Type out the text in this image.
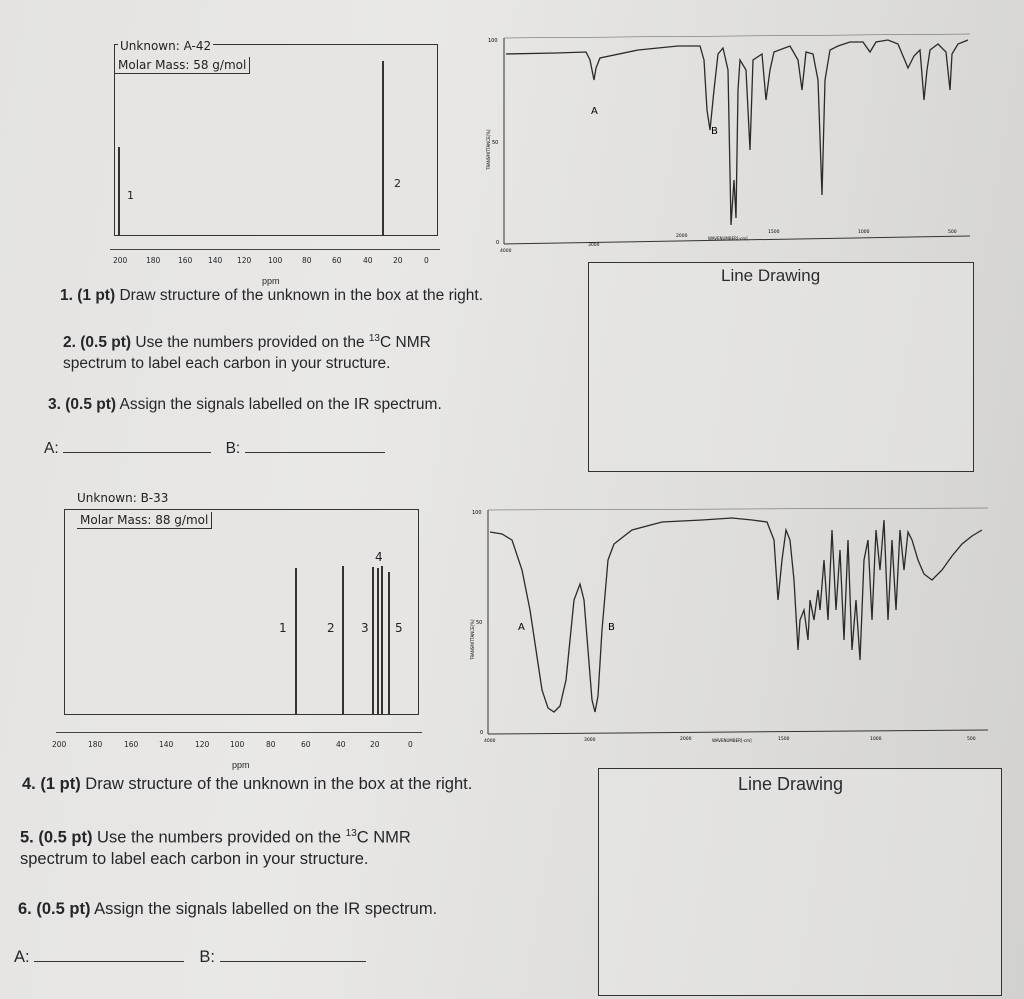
Unknown: A-42
Molar Mass: 58 g/mol
1
2
200 180 160 140 120 100	80	60	40	20	0
ppm
A
B
100
50
0
TRANSMITTANCE[%]
4000
3000
2000	WAVENUMBER[-cm]
1500	1000	500
1. (1 pt) Draw structure of the unknown in the box at the right.
2. (0.5 pt) Use the numbers provided on the $^{13}$C NMR
spectrum to label each carbon in your structure.
3. (0.5 pt) Assign the signals labelled on the IR spectrum.
A:	B:
Line Drawing
Unknown: B-33
Molar Mass: 88 g/mol
1	2 3
4
5
200	180	160	140	120	100	80	60	40	20	0
ppm
A	B
100
50
0
TRANSMITTANCE[%]
4000	3000	2000	WAVENUMBER[-cm]	1500	1000	500
4. (1 pt) Draw structure of the unknown in the box at the right.
5. (0.5 pt) Use the numbers provided on the $^{13}$C NMR
spectrum to label each carbon in your structure.
6. (0.5 pt) Assign the signals labelled on the IR spectrum.
A:	B:
Line Drawing
